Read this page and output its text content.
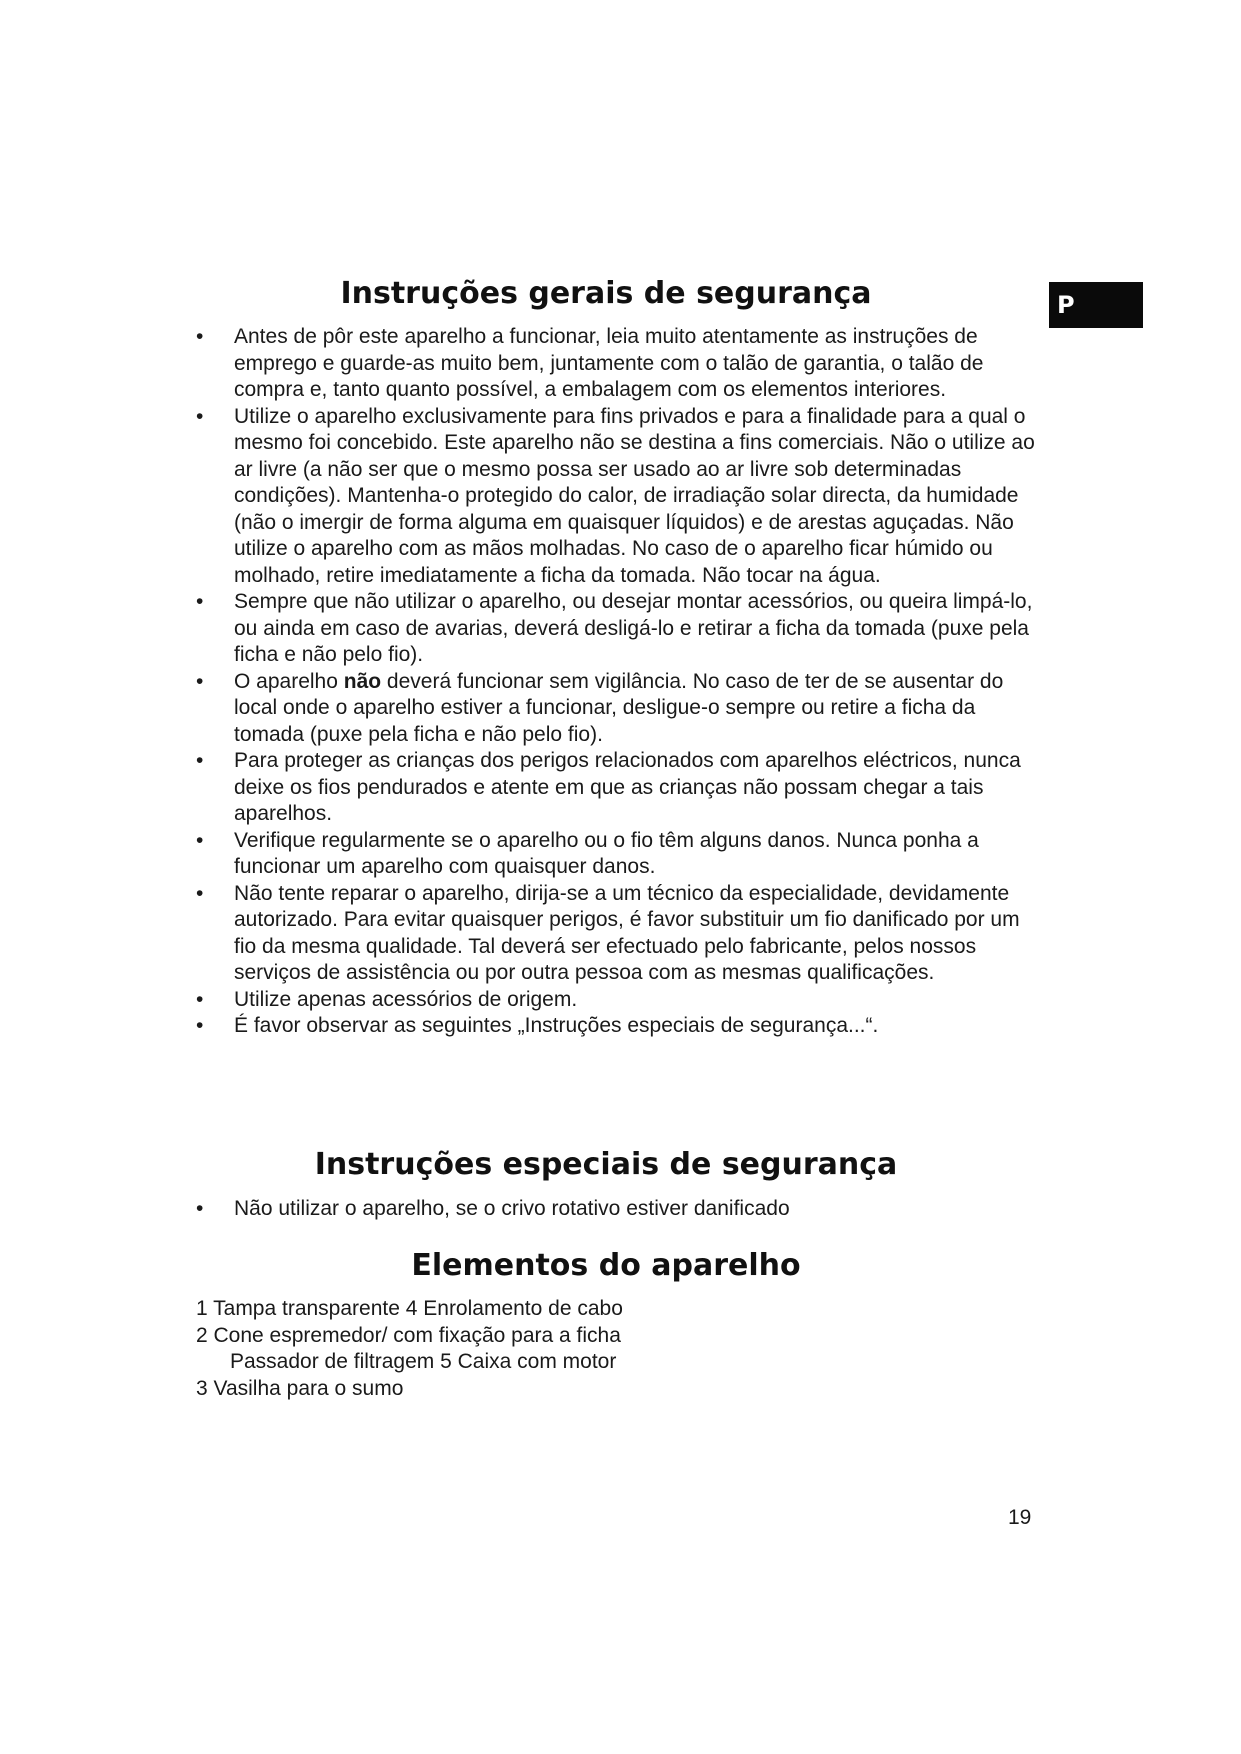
P
Instruções gerais de segurança
• Antes de pôr este aparelho a funcionar, leia muito atentamente as instruções de emprego e guarde-as muito bem, juntamente com o talão de garantia, o talão de compra e, tanto quanto possível, a embalagem com os elementos interiores.
• Utilize o aparelho exclusivamente para fins privados e para a finalidade para a qual o mesmo foi concebido. Este aparelho não se destina a fins comerciais. Não o utilize ao ar livre (a não ser que o mesmo possa ser usado ao ar livre sob determinadas condições). Mantenha-o protegido do calor, de irradiação solar directa, da humidade (não o imergir de forma alguma em quaisquer líquidos) e de arestas aguçadas. Não utilize o aparelho com as mãos molhadas. No caso de o aparelho ficar húmido ou molhado, retire imediatamente a ficha da tomada. Não tocar na água.
• Sempre que não utilizar o aparelho, ou desejar montar acessórios, ou queira limpá-lo, ou ainda em caso de avarias, deverá desligá-lo e retirar a ficha da tomada (puxe pela ficha e não pelo fio).
• O aparelho não deverá funcionar sem vigilância. No caso de ter de se ausentar do local onde o aparelho estiver a funcionar, desligue-o sempre ou retire a ficha da tomada (puxe pela ficha e não pelo fio).
• Para proteger as crianças dos perigos relacionados com aparelhos eléctricos, nunca deixe os fios pendurados e atente em que as crianças não possam chegar a tais aparelhos.
• Verifique regularmente se o aparelho ou o fio têm alguns danos. Nunca ponha a funcionar um aparelho com quaisquer danos.
• Não tente reparar o aparelho, dirija-se a um técnico da especialidade, devidamente autorizado. Para evitar quaisquer perigos, é favor substituir um fio danificado por um fio da mesma qualidade. Tal deverá ser efectuado pelo fabricante, pelos nossos serviços de assistência ou por outra pessoa com as mesmas qualificações.
• Utilize apenas acessórios de origem.
• É favor observar as seguintes „Instruções especiais de segurança...“.
Instruções especiais de segurança
• Não utilizar o aparelho, se o crivo rotativo estiver danificado
Elementos do aparelho
1 Tampa transparente 4 Enrolamento de cabo
2 Cone espremedor/ com fixação para a ficha
Passador de filtragem 5 Caixa com motor
3 Vasilha para o sumo
19
